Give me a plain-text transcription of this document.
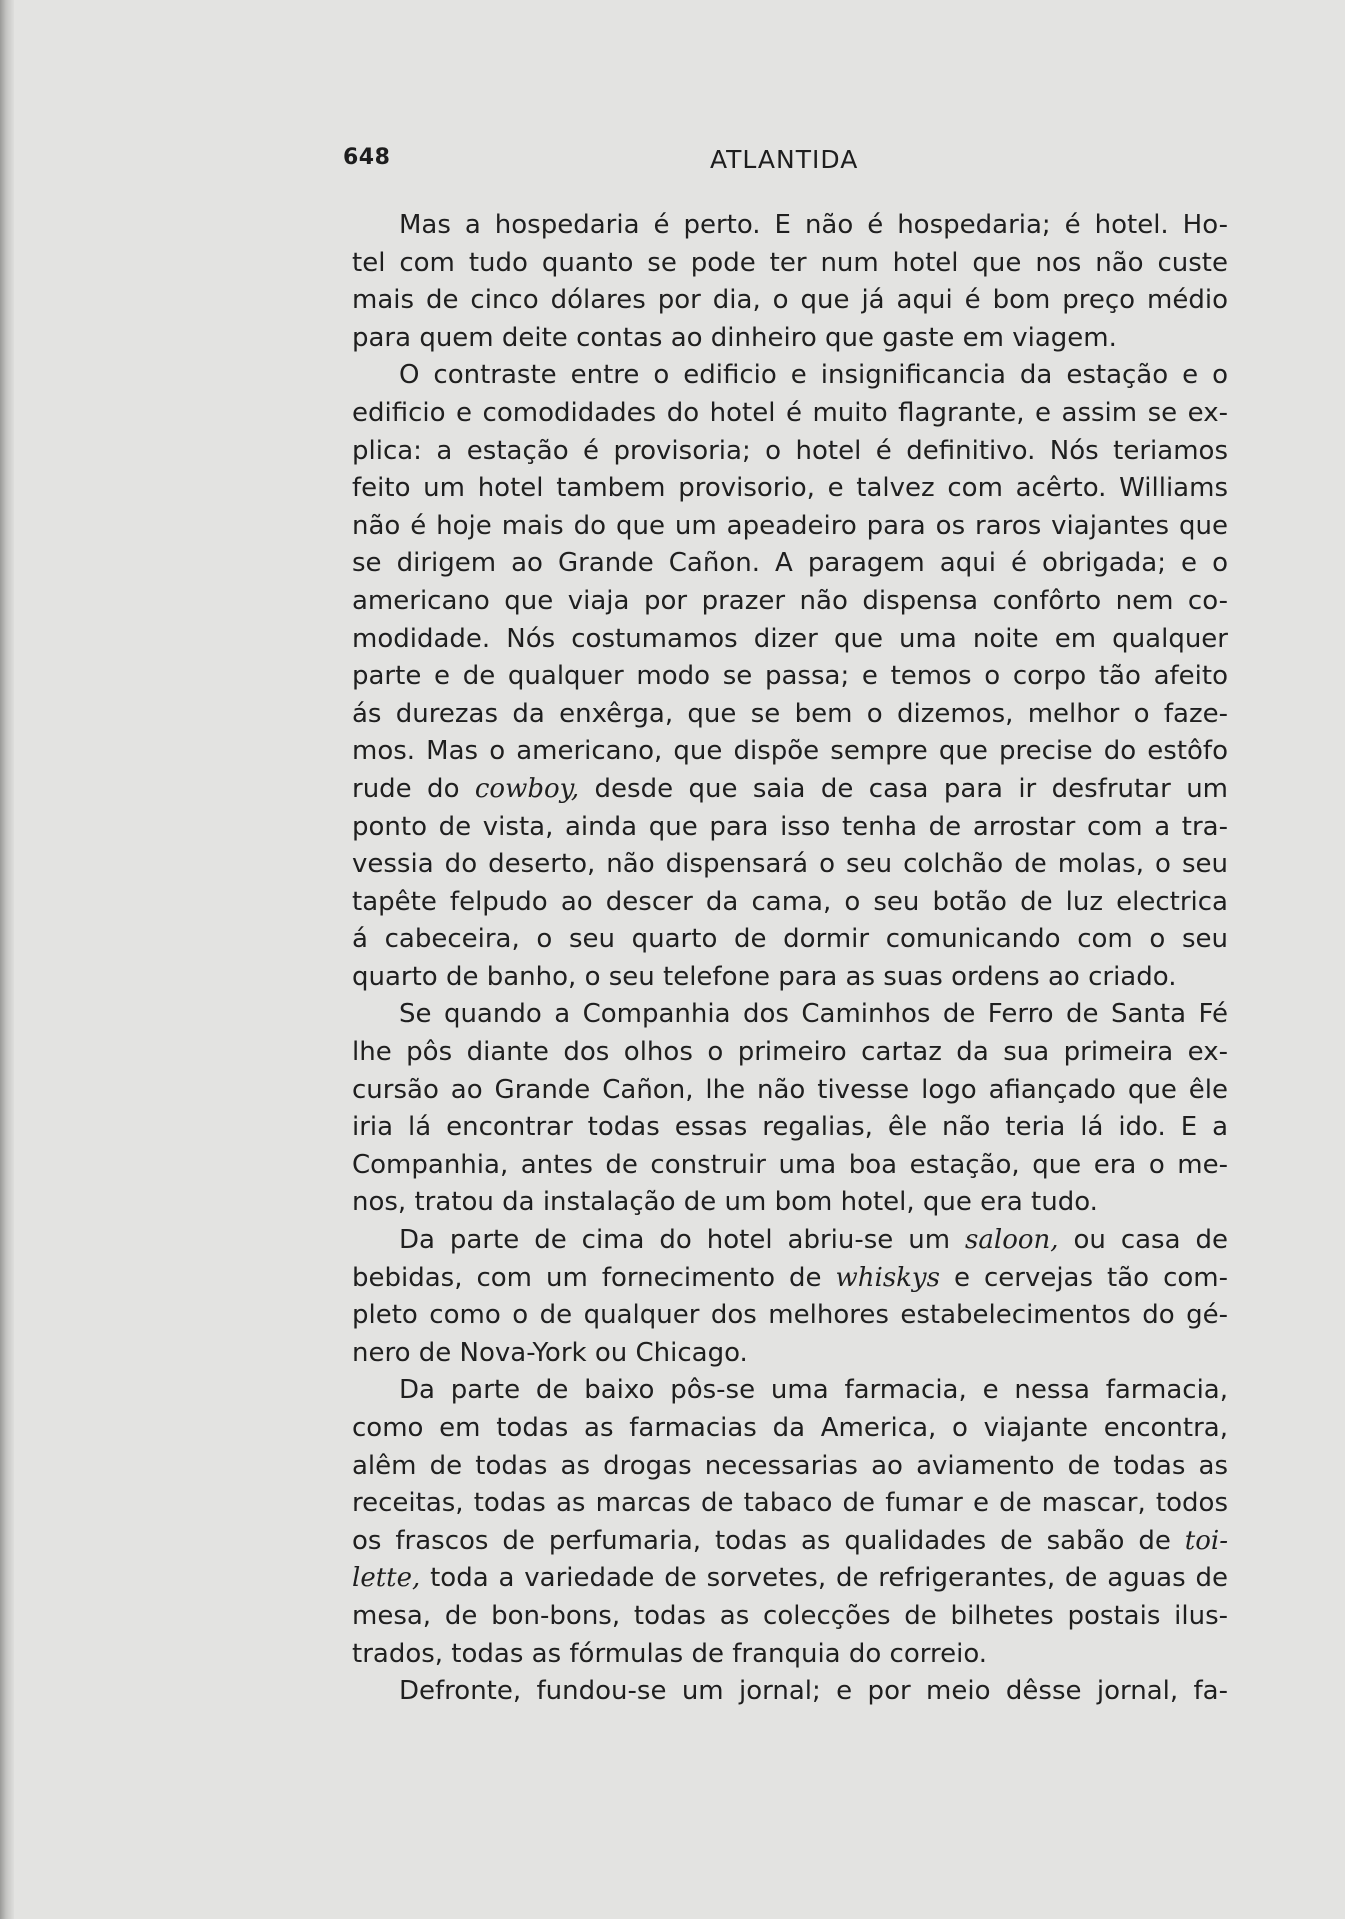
648	ATLANTIDA
Mas a hospedaria é perto. E não é hospedaria; é hotel. Ho-
tel com tudo quanto se pode ter num hotel que nos não custe
mais de cinco dólares por dia, o que já aqui é bom preço médio
para quem deite contas ao dinheiro que gaste em viagem.
O contraste entre o edificio e insignificancia da estação e o
edificio e comodidades do hotel é muito flagrante, e assim se ex-
plica: a estação é provisoria; o hotel é definitivo. Nós teriamos
feito um hotel tambem provisorio, e talvez com acêrto. Williams
não é hoje mais do que um apeadeiro para os raros viajantes que
se dirigem ao Grande Cañon. A paragem aqui é obrigada; e o
americano que viaja por prazer não dispensa confôrto nem co-
modidade. Nós costumamos dizer que uma noite em qualquer
parte e de qualquer modo se passa; e temos o corpo tão afeito
ás durezas da enxêrga, que se bem o dizemos, melhor o faze-
mos. Mas o americano, que dispõe sempre que precise do estôfo
rude do cowboy, desde que saia de casa para ir desfrutar um
ponto de vista, ainda que para isso tenha de arrostar com a tra-
vessia do deserto, não dispensará o seu colchão de molas, o seu
tapête felpudo ao descer da cama, o seu botão de luz electrica
á cabeceira, o seu quarto de dormir comunicando com o seu
quarto de banho, o seu telefone para as suas ordens ao criado.
Se quando a Companhia dos Caminhos de Ferro de Santa Fé
lhe pôs diante dos olhos o primeiro cartaz da sua primeira ex-
cursão ao Grande Cañon, lhe não tivesse logo afiançado que êle
iria lá encontrar todas essas regalias, êle não teria lá ido. E a
Companhia, antes de construir uma boa estação, que era o me-
nos, tratou da instalação de um bom hotel, que era tudo.
Da parte de cima do hotel abriu-se um saloon, ou casa de
bebidas, com um fornecimento de whiskys e cervejas tão com-
pleto como o de qualquer dos melhores estabelecimentos do gé-
nero de Nova-York ou Chicago.
Da parte de baixo pôs-se uma farmacia, e nessa farmacia,
como em todas as farmacias da America, o viajante encontra,
alêm de todas as drogas necessarias ao aviamento de todas as
receitas, todas as marcas de tabaco de fumar e de mascar, todos
os frascos de perfumaria, todas as qualidades de sabão de toi-
lette, toda a variedade de sorvetes, de refrigerantes, de aguas de
mesa, de bon-bons, todas as colecções de bilhetes postais ilus-
trados, todas as fórmulas de franquia do correio.
Defronte, fundou-se um jornal; e por meio dêsse jornal, fa-
